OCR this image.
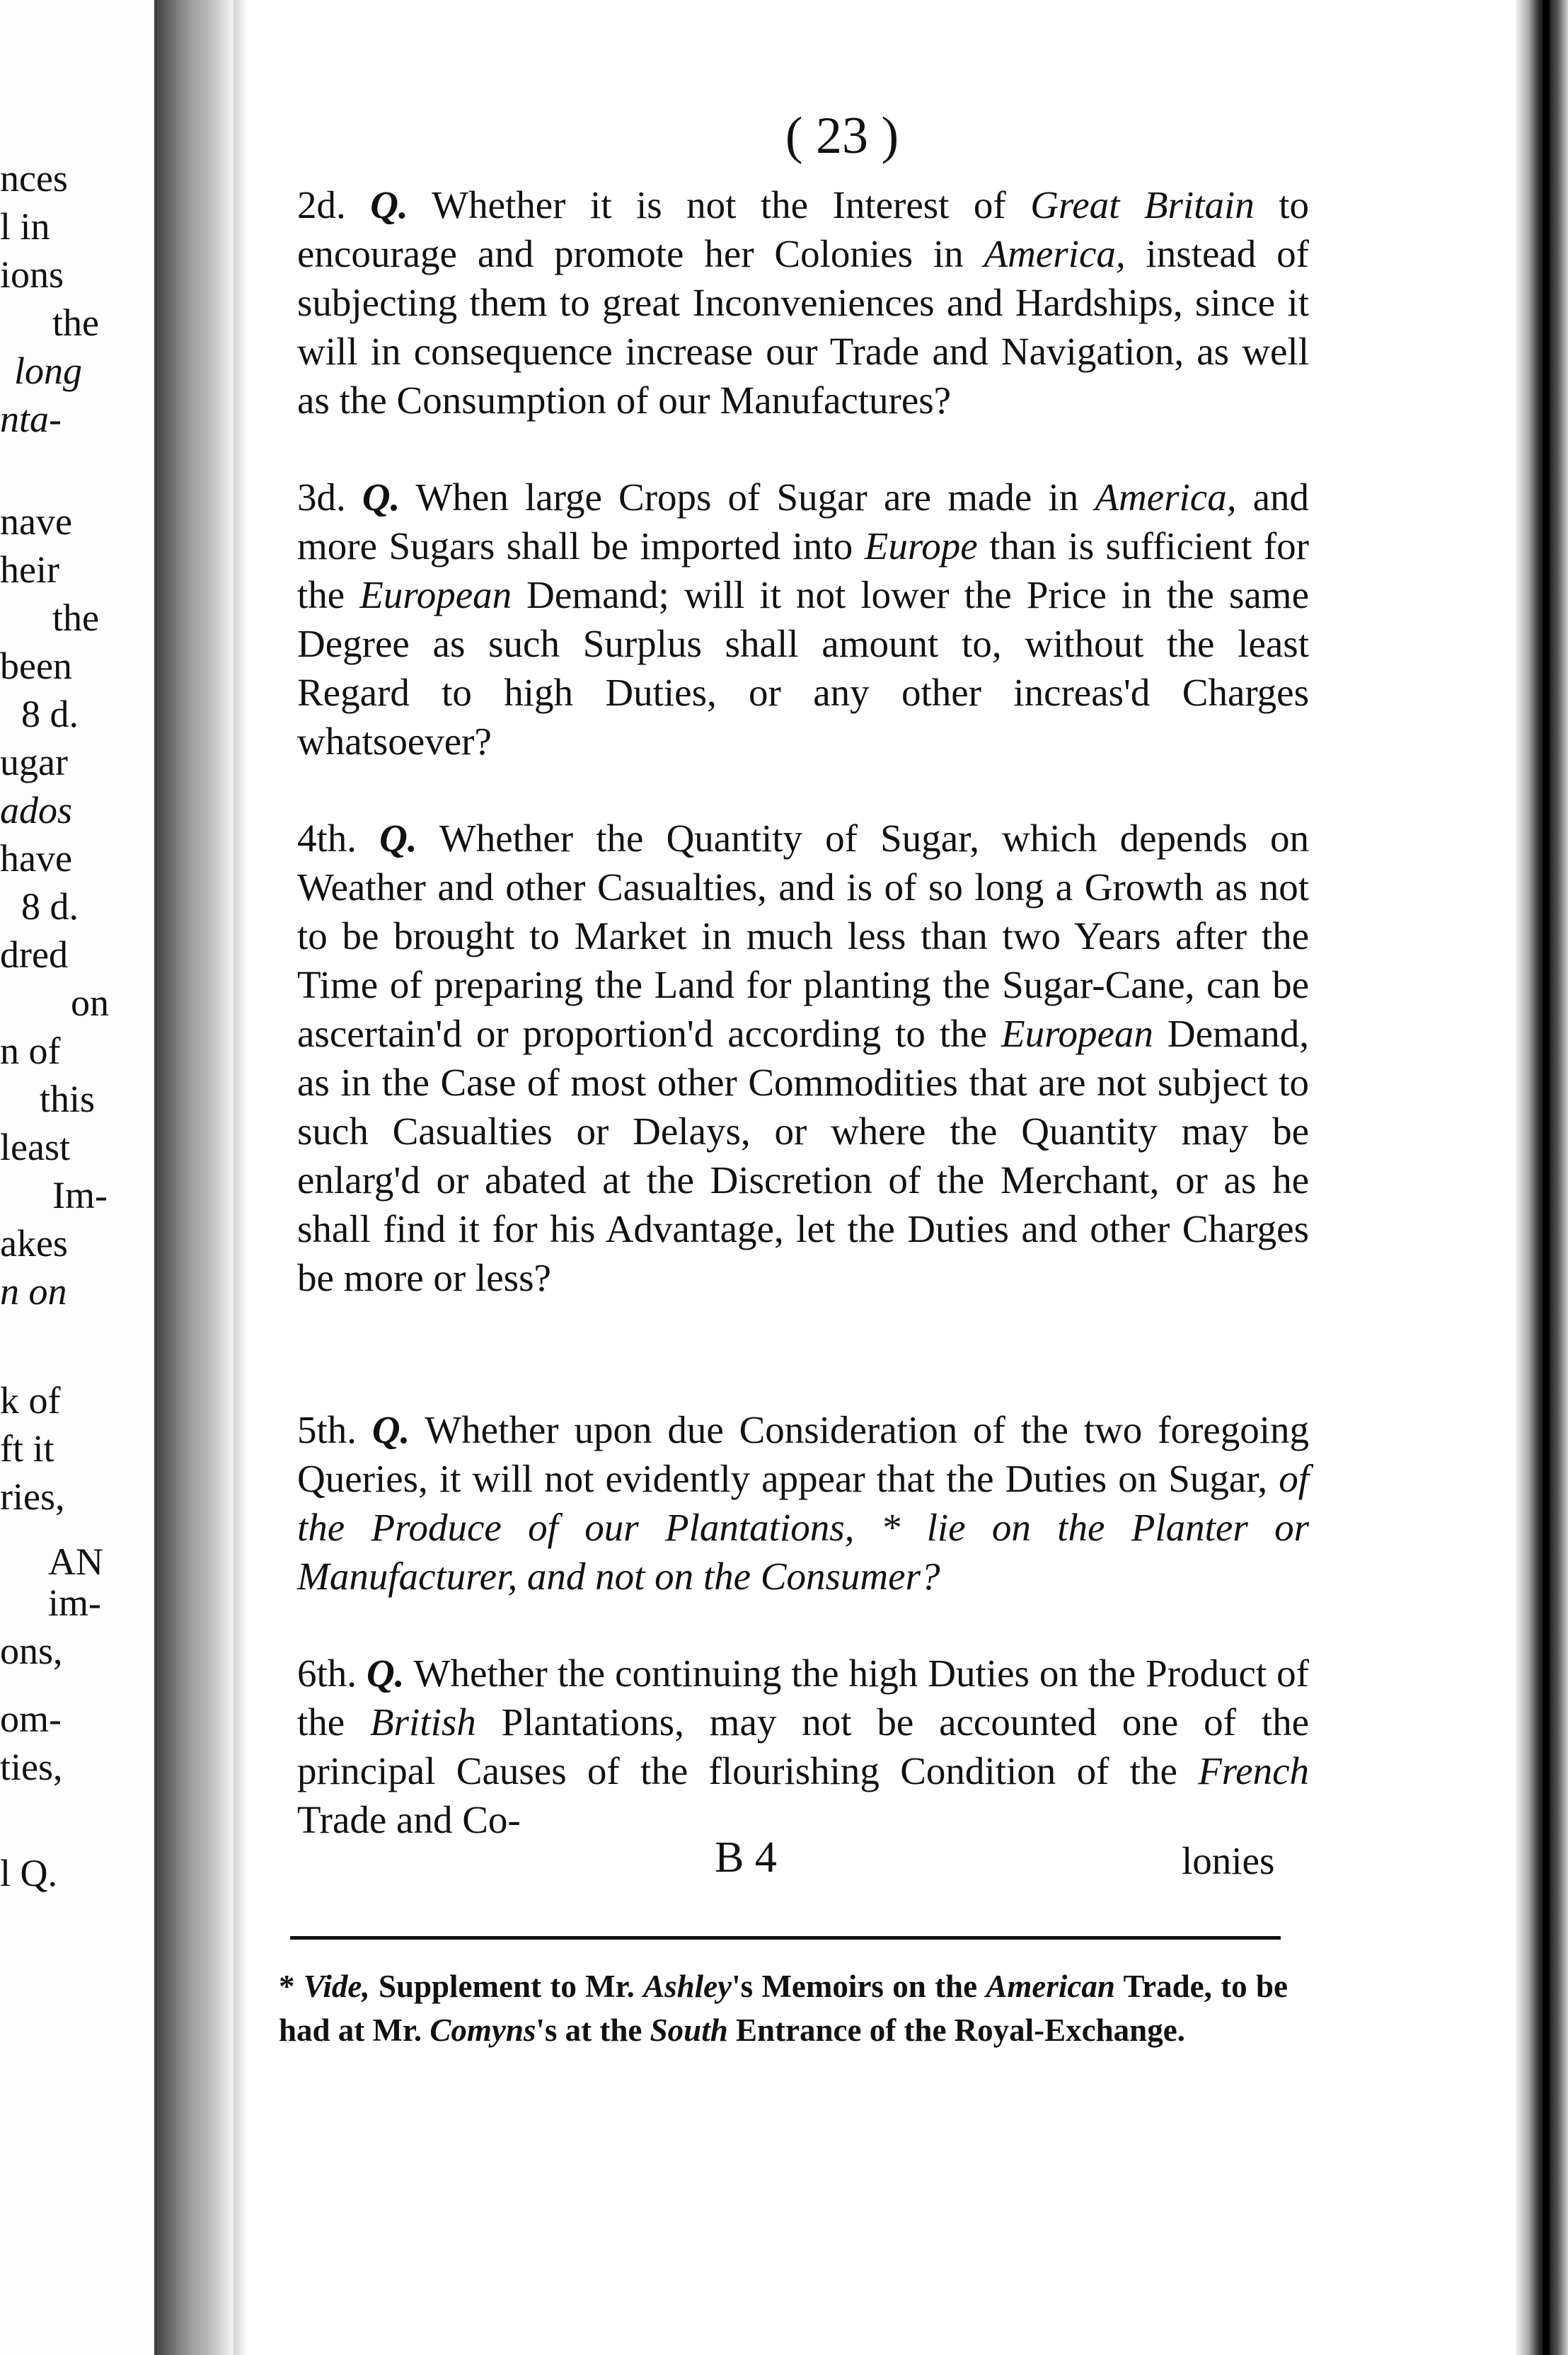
nces

l in

ions

the

long

nta-

nave

heir

the

been

8 d.

ugar

ados

have

8 d.

dred

on

n of

this

least

Im-

akes

n on

k of

ft it

ries,

AN

im-

ons,

om-

ties,

l Q.

( 23 )

2d. Q. Whether it is not the Interest of Great Britain to encourage and promote her Colonies in America, instead of subjecting them to great Inconveniences and Hardships, since it will in consequence increase our Trade and Navigation, as well as the Consumption of our Manufactures?

3d. Q. When large Crops of Sugar are made in America, and more Sugars shall be imported into Europe than is sufficient for the European Demand; will it not lower the Price in the same Degree as such Surplus shall amount to, without the least Regard to high Duties, or any other increas'd Charges whatsoever?

4th. Q. Whether the Quantity of Sugar, which depends on Weather and other Casualties, and is of so long a Growth as not to be brought to Market in much less than two Years after the Time of preparing the Land for planting the Sugar-Cane, can be ascertain'd or proportion'd according to the European Demand, as in the Case of most other Commodities that are not subject to such Casualties or Delays, or where the Quantity may be enlarg'd or abated at the Discretion of the Merchant, or as he shall find it for his Advantage, let the Duties and other Charges be more or less?

5th. Q. Whether upon due Consideration of the two foregoing Queries, it will not evidently appear that the Duties on Sugar, of the Produce of our Plantations, * lie on the Planter or Manufacturer, and not on the Consumer?

6th. Q. Whether the continuing the high Duties on the Product of the British Plantations, may not be accounted one of the principal Causes of the flourishing Condition of the French Trade and Co-

B 4	lonies

* Vide, Supplement to Mr. Ashley's Memoirs on the American Trade, to be had at Mr. Comyns's at the South Entrance of the Royal-Exchange.
